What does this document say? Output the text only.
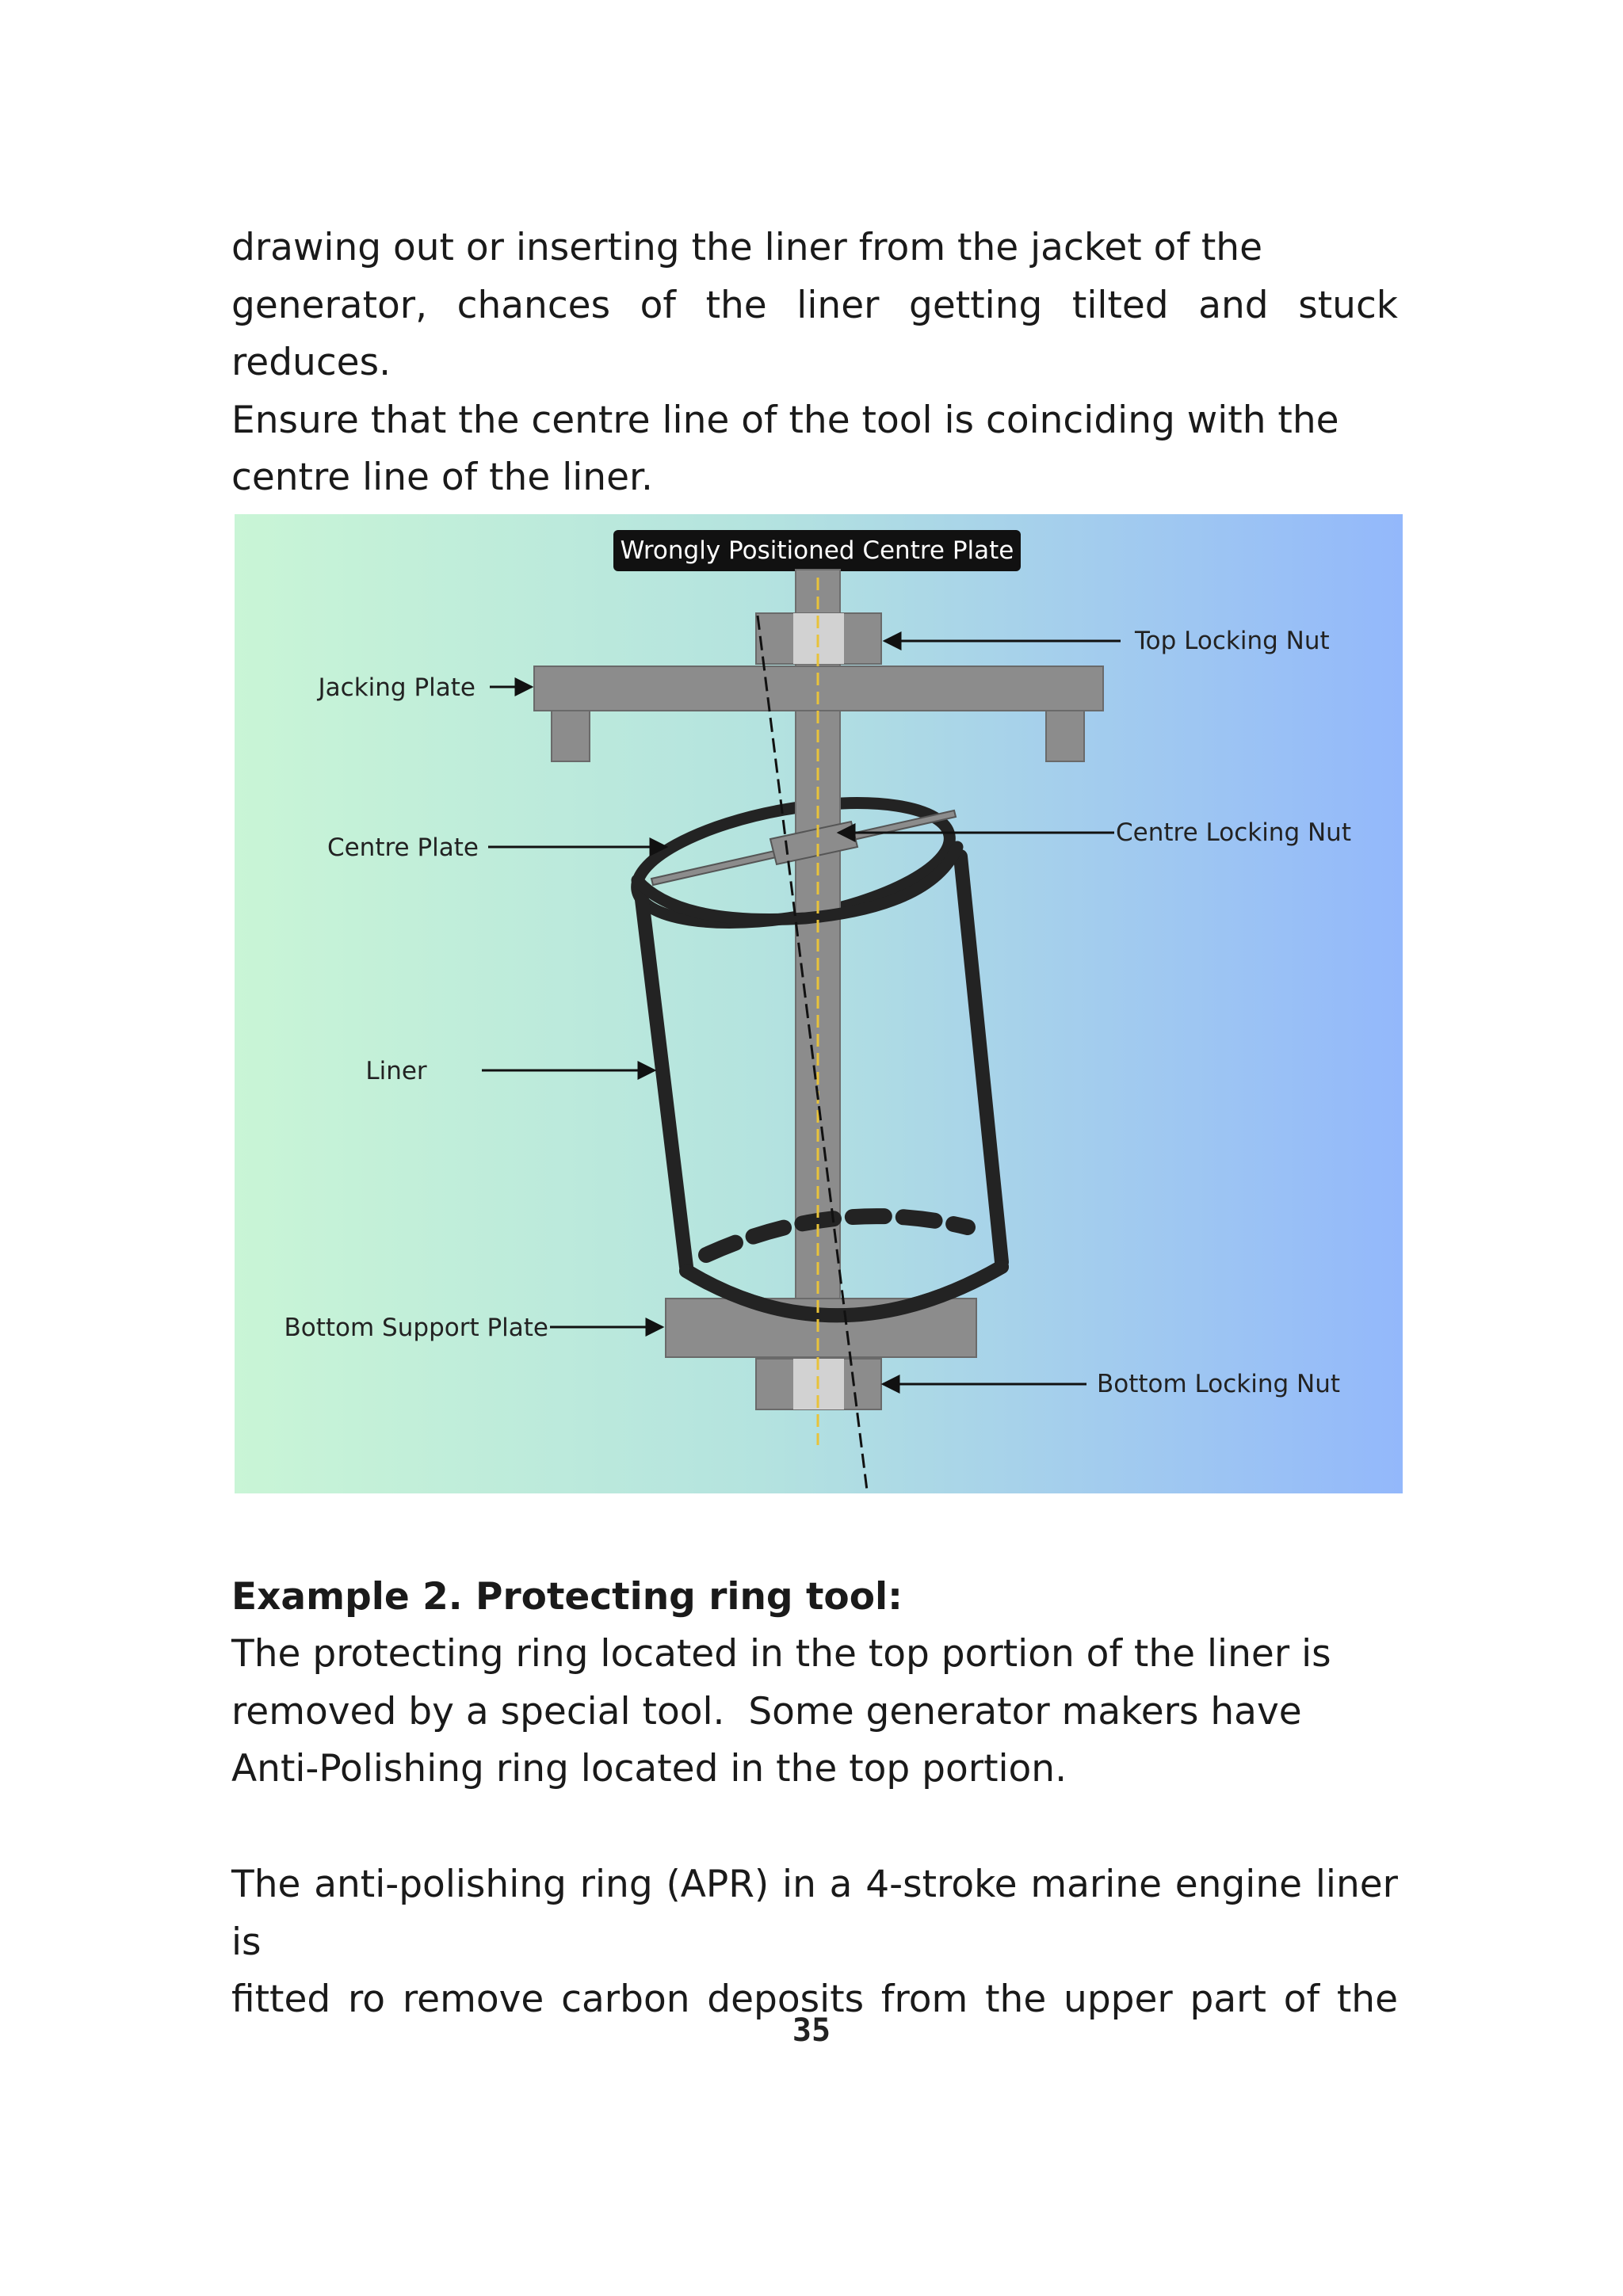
drawing out or inserting the liner from the jacket of the
generator, chances of the liner getting tilted and stuck reduces.
Ensure that the centre line of the tool is coinciding with the
centre line of the liner.
Wrongly Positioned Centre Plate
Top Locking Nut
Jacking Plate
Centre Plate
Centre Locking Nut
Liner
Bottom Support Plate
Bottom Locking Nut
Example 2. Protecting ring tool:
The protecting ring located in the top portion of the liner is
removed by a special tool.  Some generator makers have
Anti-Polishing ring located in the top portion.
The anti-polishing ring (APR) in a 4-stroke marine engine liner is
fitted ro remove carbon deposits from the upper part of the
35
